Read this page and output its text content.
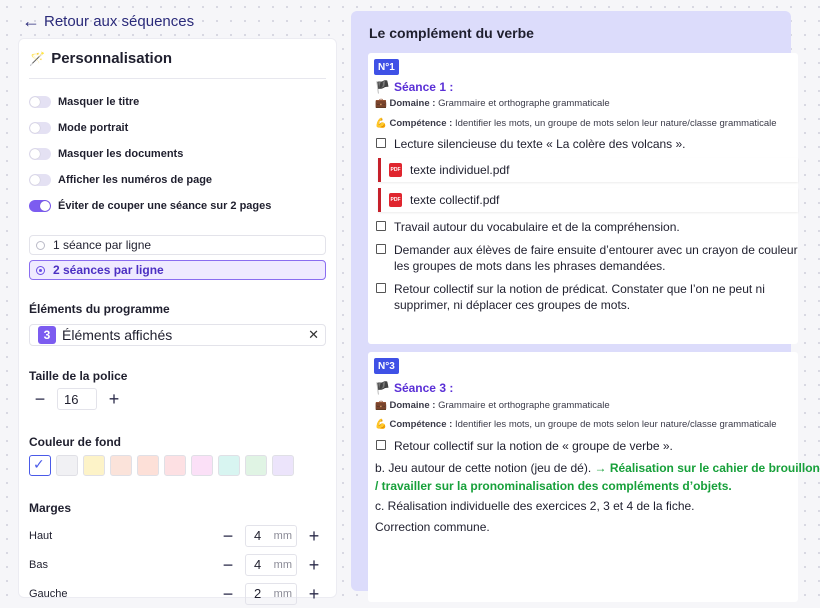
← Retour aux séquences
🪄 Personnalisation
Masquer le titre
Mode portrait
Masquer les documents
Afficher les numéros de page
Éviter de couper une séance sur 2 pages
1 séance par ligne
2 séances par ligne
Éléments du programme
3 Éléments affichés	✕
Taille de la police
−	16	+
Couleur de fond
✓
Marges
Haut	−	4 mm +
Bas	−	4 mm +
Gauche	−	2 mm +
Le complément du verbe
N°1
🏴 Séance 1 :
💼 Domaine : Grammaire et orthographe grammaticale
💪 Compétence : Identifier les mots, un groupe de mots selon leur nature/classe grammaticale
Lecture silencieuse du texte « La colère des volcans ».
PDF texte individuel.pdf
PDF texte collectif.pdf
Travail autour du vocabulaire et de la compréhension.
Demander aux élèves de faire ensuite d’entourer avec un crayon de couleur
les groupes de mots dans les phrases demandées.
Retour collectif sur la notion de prédicat. Constater que l’on ne peut ni
supprimer, ni déplacer ces groupes de mots.
N°3
🏴 Séance 3 :
💼 Domaine : Grammaire et orthographe grammaticale
💪 Compétence : Identifier les mots, un groupe de mots selon leur nature/classe grammaticale
Retour collectif sur la notion de « groupe de verbe ».
b. Jeu autour de cette notion (jeu de dé). → Réalisation sur le cahier de brouillon
/ travailler sur la pronominalisation des compléments d’objets.
c. Réalisation individuelle des exercices 2, 3 et 4 de la fiche.
Correction commune.
